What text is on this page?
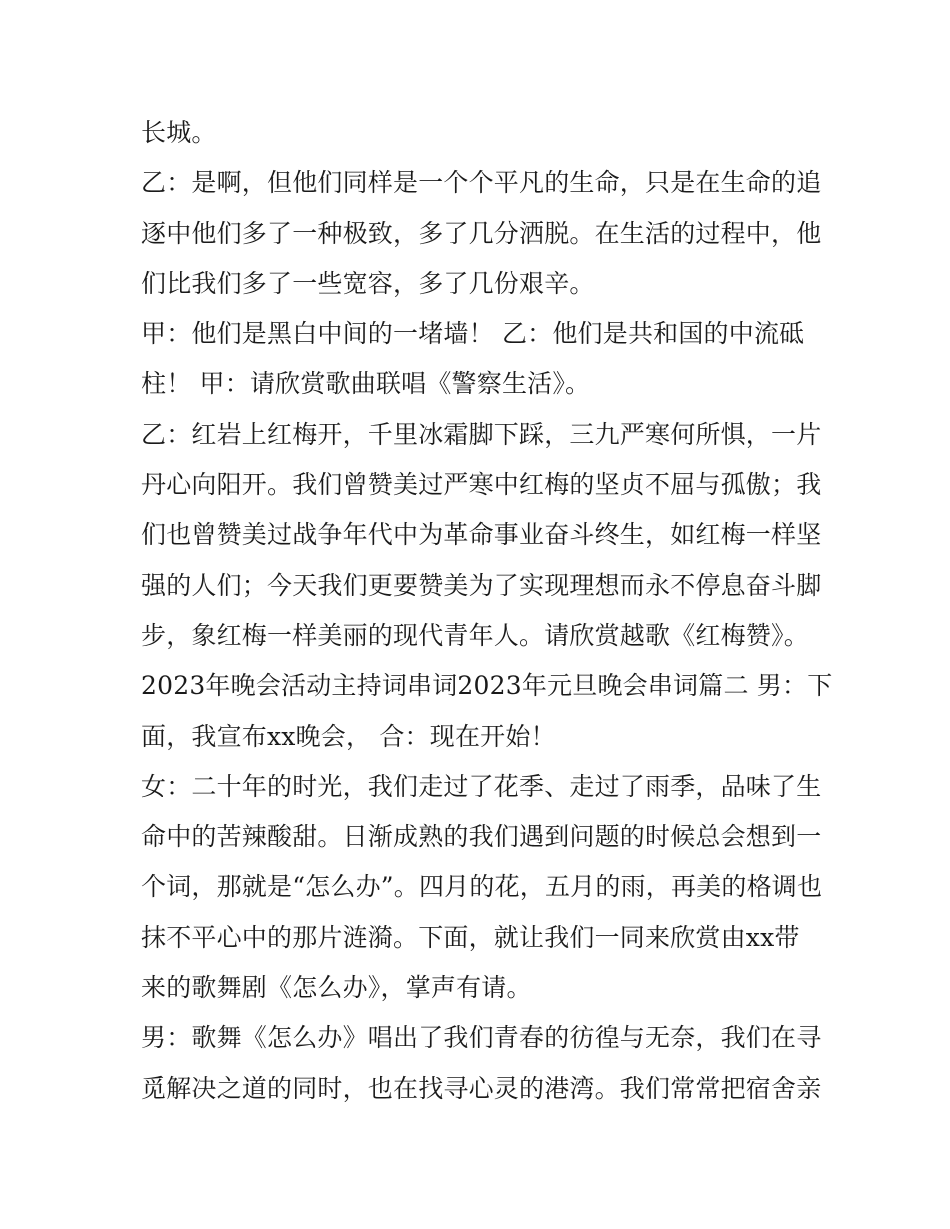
长城。
乙：是啊，但他们同样是一个个平凡的生命，只是在生命的追
逐中他们多了一种极致，多了几分洒脱。在生活的过程中，他
们比我们多了一些宽容，多了几份艰辛。
甲：他们是黑白中间的一堵墙！ 乙：他们是共和国的中流砥
柱！ 甲：请欣赏歌曲联唱《警察生活》。
乙：红岩上红梅开，千里冰霜脚下踩，三九严寒何所惧，一片
丹心向阳开。我们曾赞美过严寒中红梅的坚贞不屈与孤傲；我
们也曾赞美过战争年代中为革命事业奋斗终生，如红梅一样坚
强的人们；今天我们更要赞美为了实现理想而永不停息奋斗脚
步，象红梅一样美丽的现代青年人。请欣赏越歌《红梅赞》。
2023年晚会活动主持词串词2023年元旦晚会串词篇二 男：下
面，我宣布xx晚会， 合：现在开始！
女：二十年的时光，我们走过了花季、走过了雨季，品味了生
命中的苦辣酸甜。日渐成熟的我们遇到问题的时候总会想到一
个词，那就是“怎么办”。四月的花，五月的雨，再美的格调也
抹不平心中的那片涟漪。下面，就让我们一同来欣赏由xx带
来的歌舞剧《怎么办》，掌声有请。
男：歌舞《怎么办》唱出了我们青春的彷徨与无奈，我们在寻
觅解决之道的同时，也在找寻心灵的港湾。我们常常把宿舍亲
